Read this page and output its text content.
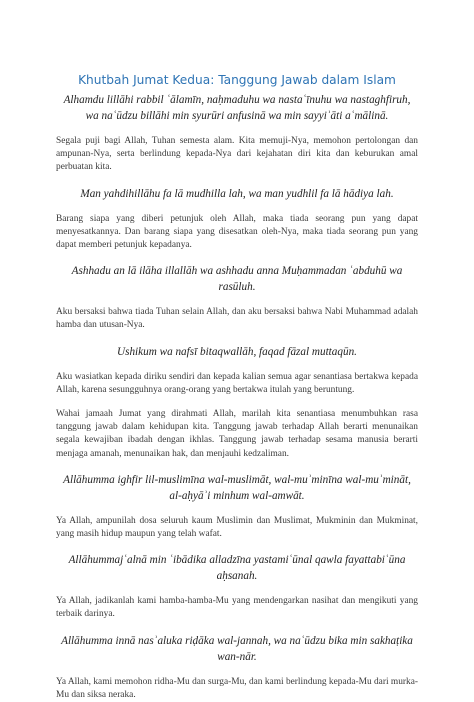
Khutbah Jumat Kedua: Tanggung Jawab dalam Islam

Alhamdu lillāhi rabbil ʿālamīn, naḥmaduhu wa nastaʿīnuhu wa nastaghfiruh, wa naʿūdzu billāhi min syurūri anfusinā wa min sayyiʾāti aʿmālinā.

Segala puji bagi Allah, Tuhan semesta alam. Kita memuji-Nya, memohon pertolongan dan ampunan-Nya, serta berlindung kepada-Nya dari kejahatan diri kita dan keburukan amal perbuatan kita.

Man yahdihillāhu fa lā mudhilla lah, wa man yudhlil fa lā hādiya lah.

Barang siapa yang diberi petunjuk oleh Allah, maka tiada seorang pun yang dapat menyesatkannya. Dan barang siapa yang disesatkan oleh-Nya, maka tiada seorang pun yang dapat memberi petunjuk kepadanya.

Ashhadu an lā ilāha illallāh wa ashhadu anna Muḥammadan ʿabduhū wa rasūluh.

Aku bersaksi bahwa tiada Tuhan selain Allah, dan aku bersaksi bahwa Nabi Muhammad adalah hamba dan utusan-Nya.

Ushikum wa nafsī bitaqwallāh, faqad fāzal muttaqūn.

Aku wasiatkan kepada diriku sendiri dan kepada kalian semua agar senantiasa bertakwa kepada Allah, karena sesungguhnya orang-orang yang bertakwa itulah yang beruntung.

Wahai jamaah Jumat yang dirahmati Allah, marilah kita senantiasa menumbuhkan rasa tanggung jawab dalam kehidupan kita. Tanggung jawab terhadap Allah berarti menunaikan segala kewajiban ibadah dengan ikhlas. Tanggung jawab terhadap sesama manusia berarti menjaga amanah, menunaikan hak, dan menjauhi kedzaliman.

Allāhumma ighfir lil-muslimīna wal-muslimāt, wal-muʾminīna wal-muʾmināt, al-aḥyāʾi minhum wal-amwāt.

Ya Allah, ampunilah dosa seluruh kaum Muslimin dan Muslimat, Mukminin dan Mukminat, yang masih hidup maupun yang telah wafat.

Allāhummajʿalnā min ʿibādika alladzīna yastamiʿūnal qawla fayattabiʿūna aḥsanah.

Ya Allah, jadikanlah kami hamba-hamba-Mu yang mendengarkan nasihat dan mengikuti yang terbaik darinya.

Allāhumma innā nasʾaluka riḍāka wal-jannah, wa naʿūdzu bika min sakhaṭika wan-nār.

Ya Allah, kami memohon ridha-Mu dan surga-Mu, dan kami berlindung kepada-Mu dari murka-Mu dan siksa neraka.
